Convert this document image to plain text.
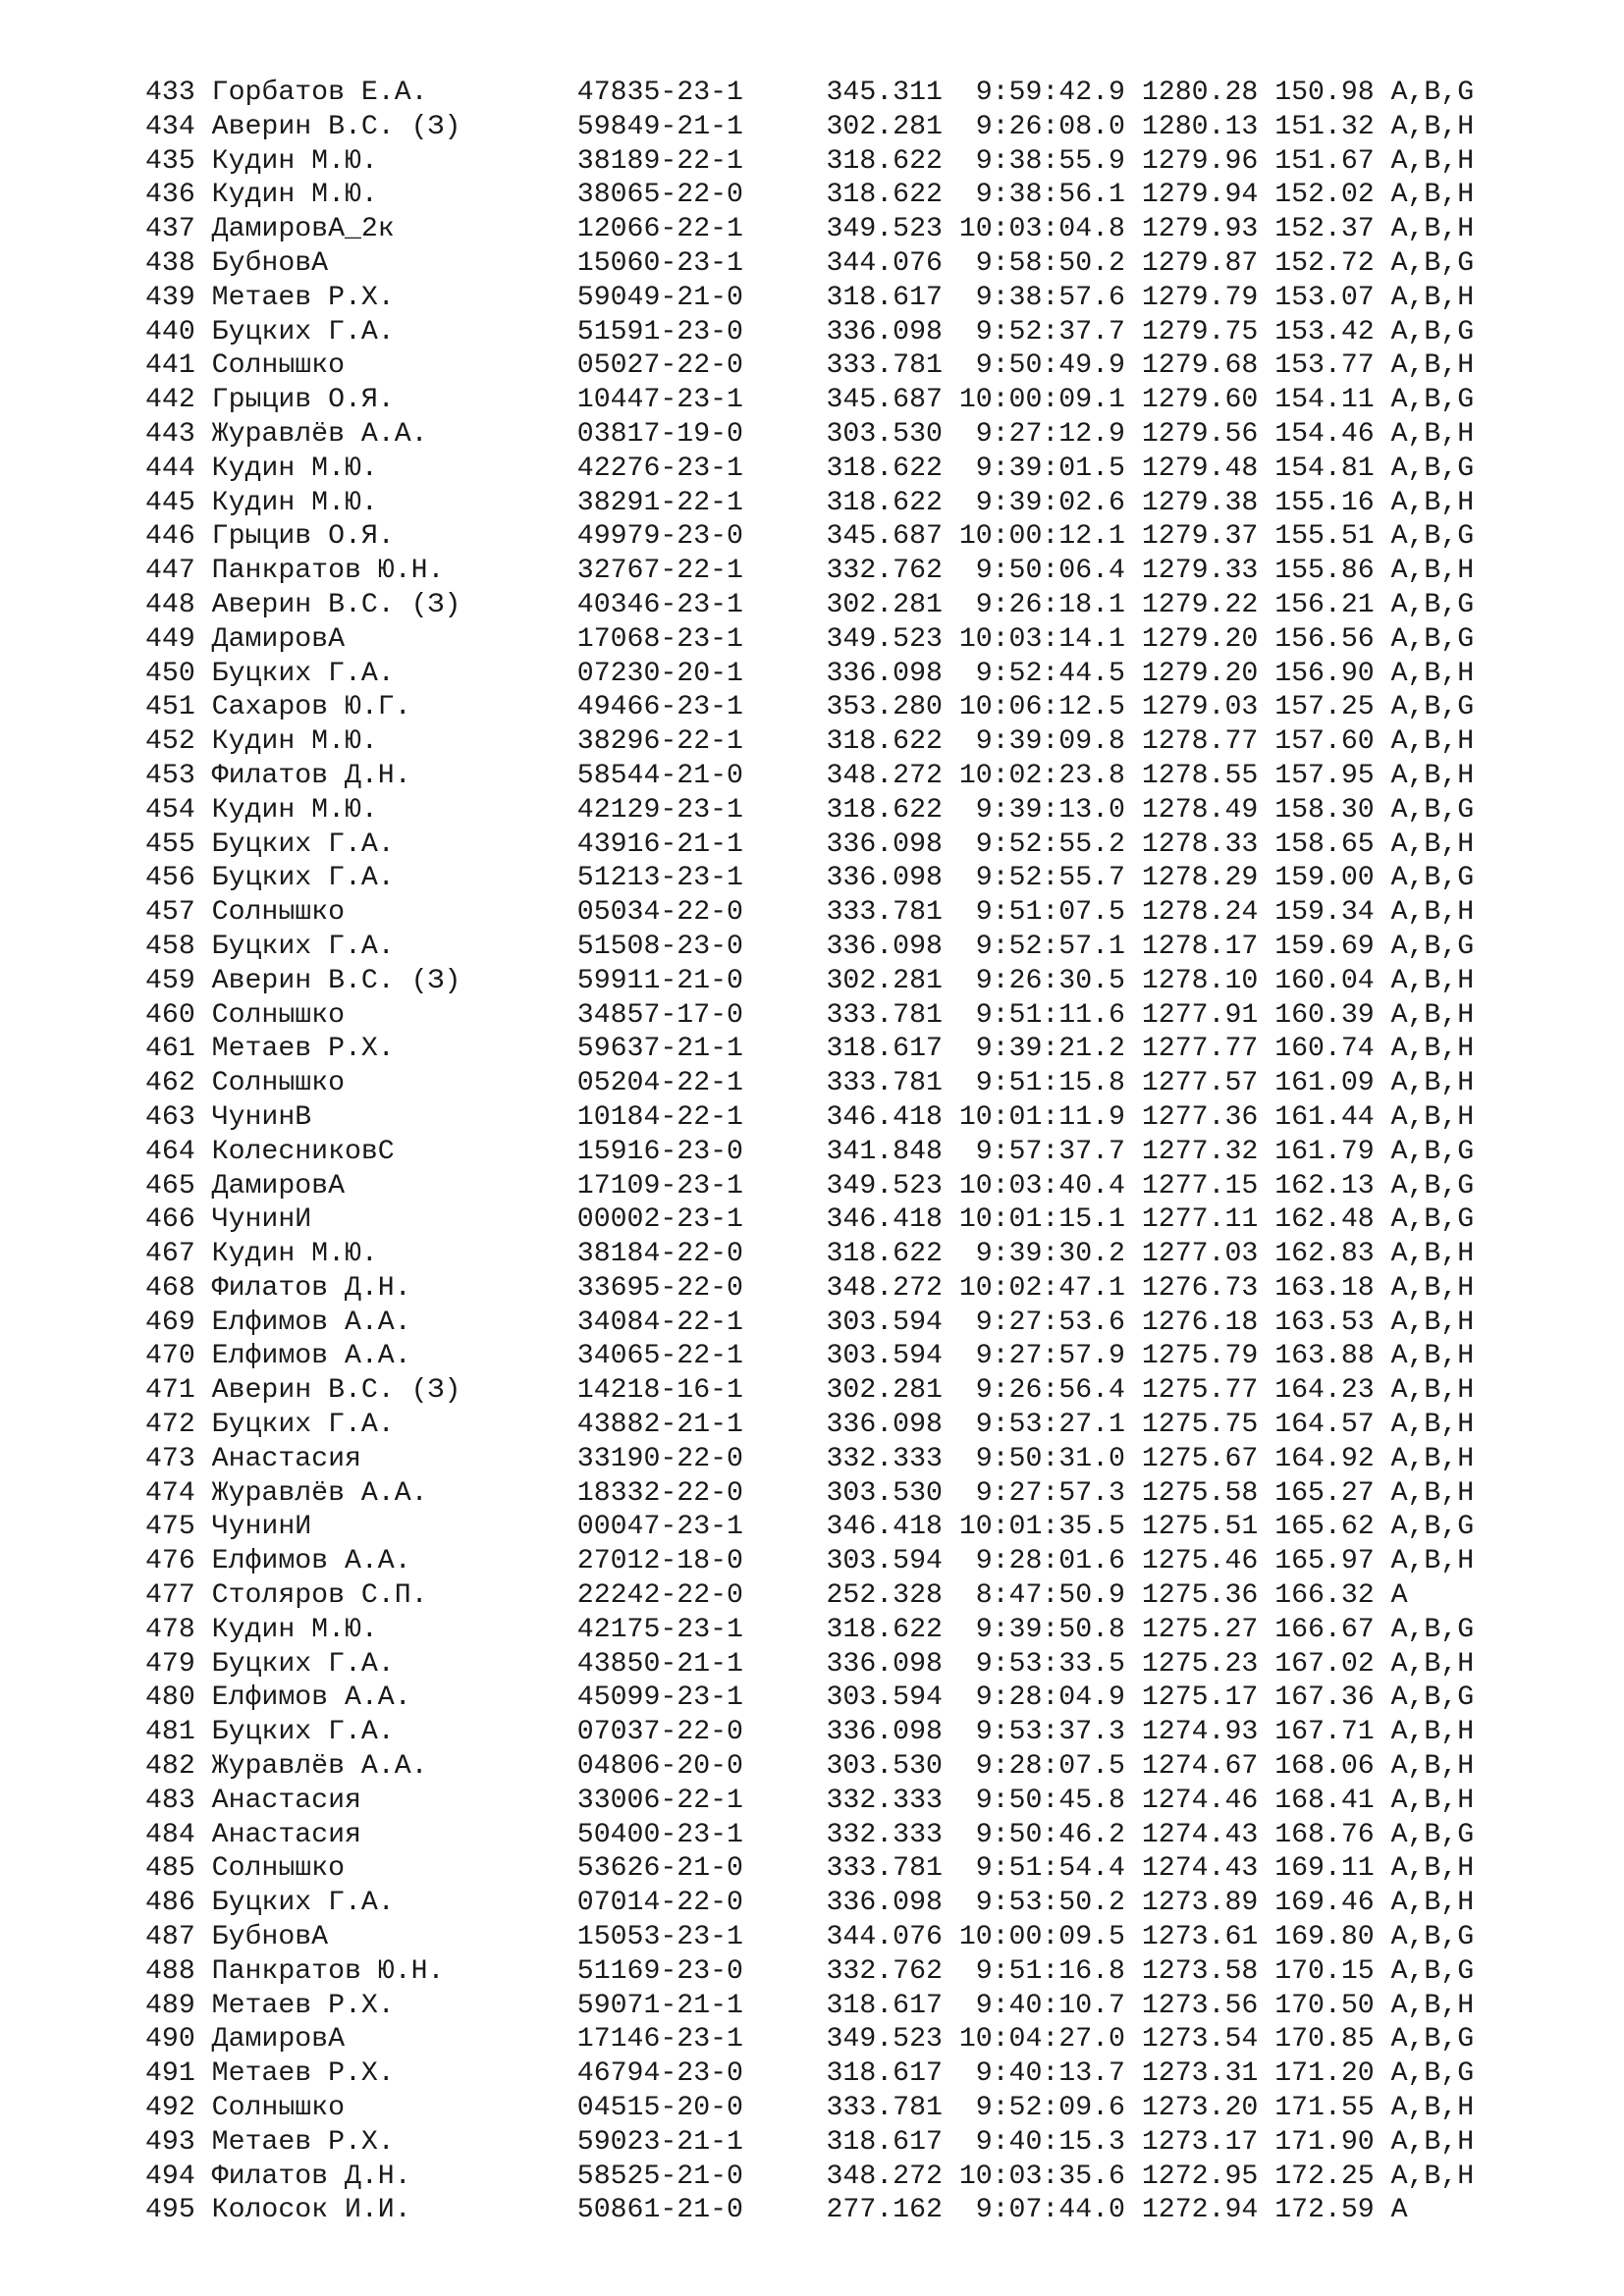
433 Горбатов Е.А.	47835-23-1	345.311 9:59:42.9 1280.28 150.98 A,B,G
434 Аверин В.С. (З)	59849-21-1	302.281 9:26:08.0 1280.13 151.32 A,B,H
435 Кудин М.Ю.	38189-22-1	318.622 9:38:55.9 1279.96 151.67 A,B,H
436 Кудин М.Ю.	38065-22-0	318.622 9:38:56.1 1279.94 152.02 A,B,H
437 ДамировА_2к	12066-22-1	349.523 10:03:04.8 1279.93 152.37 A,B,H
438 БубновА	15060-23-1	344.076 9:58:50.2 1279.87 152.72 A,B,G
439 Метаев Р.Х.	59049-21-0	318.617 9:38:57.6 1279.79 153.07 A,B,H
440 Буцких Г.А.	51591-23-0	336.098 9:52:37.7 1279.75 153.42 A,B,G
441 Солнышко	05027-22-0	333.781 9:50:49.9 1279.68 153.77 A,B,H
442 Грыцив О.Я.	10447-23-1	345.687 10:00:09.1 1279.60 154.11 A,B,G
443 Журавлёв А.А.	03817-19-0	303.530 9:27:12.9 1279.56 154.46 A,B,H
444 Кудин М.Ю.	42276-23-1	318.622 9:39:01.5 1279.48 154.81 A,B,G
445 Кудин М.Ю.	38291-22-1	318.622 9:39:02.6 1279.38 155.16 A,B,H
446 Грыцив О.Я.	49979-23-0	345.687 10:00:12.1 1279.37 155.51 A,B,G
447 Панкратов Ю.Н.	32767-22-1	332.762 9:50:06.4 1279.33 155.86 A,B,H
448 Аверин В.С. (З)	40346-23-1	302.281 9:26:18.1 1279.22 156.21 A,B,G
449 ДамировА	17068-23-1	349.523 10:03:14.1 1279.20 156.56 A,B,G
450 Буцких Г.А.	07230-20-1	336.098 9:52:44.5 1279.20 156.90 A,B,H
451 Сахаров Ю.Г.	49466-23-1	353.280 10:06:12.5 1279.03 157.25 A,B,G
452 Кудин М.Ю.	38296-22-1	318.622 9:39:09.8 1278.77 157.60 A,B,H
453 Филатов Д.Н.	58544-21-0	348.272 10:02:23.8 1278.55 157.95 A,B,H
454 Кудин М.Ю.	42129-23-1	318.622 9:39:13.0 1278.49 158.30 A,B,G
455 Буцких Г.А.	43916-21-1	336.098 9:52:55.2 1278.33 158.65 A,B,H
456 Буцких Г.А.	51213-23-1	336.098 9:52:55.7 1278.29 159.00 A,B,G
457 Солнышко	05034-22-0	333.781 9:51:07.5 1278.24 159.34 A,B,H
458 Буцких Г.А.	51508-23-0	336.098 9:52:57.1 1278.17 159.69 A,B,G
459 Аверин В.С. (З)	59911-21-0	302.281 9:26:30.5 1278.10 160.04 A,B,H
460 Солнышко	34857-17-0	333.781 9:51:11.6 1277.91 160.39 A,B,H
461 Метаев Р.Х.	59637-21-1	318.617 9:39:21.2 1277.77 160.74 A,B,H
462 Солнышко	05204-22-1	333.781 9:51:15.8 1277.57 161.09 A,B,H
463 ЧунинВ	10184-22-1	346.418 10:01:11.9 1277.36 161.44 A,B,H
464 КолесниковС	15916-23-0	341.848 9:57:37.7 1277.32 161.79 A,B,G
465 ДамировА	17109-23-1	349.523 10:03:40.4 1277.15 162.13 A,B,G
466 ЧунинИ	00002-23-1	346.418 10:01:15.1 1277.11 162.48 A,B,G
467 Кудин М.Ю.	38184-22-0	318.622 9:39:30.2 1277.03 162.83 A,B,H
468 Филатов Д.Н.	33695-22-0	348.272 10:02:47.1 1276.73 163.18 A,B,H
469 Елфимов А.А.	34084-22-1	303.594 9:27:53.6 1276.18 163.53 A,B,H
470 Елфимов А.А.	34065-22-1	303.594 9:27:57.9 1275.79 163.88 A,B,H
471 Аверин В.С. (З)	14218-16-1	302.281 9:26:56.4 1275.77 164.23 A,B,H
472 Буцких Г.А.	43882-21-1	336.098 9:53:27.1 1275.75 164.57 A,B,H
473 Анастасия	33190-22-0	332.333 9:50:31.0 1275.67 164.92 A,B,H
474 Журавлёв А.А.	18332-22-0	303.530 9:27:57.3 1275.58 165.27 A,B,H
475 ЧунинИ	00047-23-1	346.418 10:01:35.5 1275.51 165.62 A,B,G
476 Елфимов А.А.	27012-18-0	303.594 9:28:01.6 1275.46 165.97 A,B,H
477 Столяров С.П.	22242-22-0	252.328 8:47:50.9 1275.36 166.32 A
478 Кудин М.Ю.	42175-23-1	318.622 9:39:50.8 1275.27 166.67 A,B,G
479 Буцких Г.А.	43850-21-1	336.098 9:53:33.5 1275.23 167.02 A,B,H
480 Елфимов А.А.	45099-23-1	303.594 9:28:04.9 1275.17 167.36 A,B,G
481 Буцких Г.А.	07037-22-0	336.098 9:53:37.3 1274.93 167.71 A,B,H
482 Журавлёв А.А.	04806-20-0	303.530 9:28:07.5 1274.67 168.06 A,B,H
483 Анастасия	33006-22-1	332.333 9:50:45.8 1274.46 168.41 A,B,H
484 Анастасия	50400-23-1	332.333 9:50:46.2 1274.43 168.76 A,B,G
485 Солнышко	53626-21-0	333.781 9:51:54.4 1274.43 169.11 A,B,H
486 Буцких Г.А.	07014-22-0	336.098 9:53:50.2 1273.89 169.46 A,B,H
487 БубновА	15053-23-1	344.076 10:00:09.5 1273.61 169.80 A,B,G
488 Панкратов Ю.Н.	51169-23-0	332.762 9:51:16.8 1273.58 170.15 A,B,G
489 Метаев Р.Х.	59071-21-1	318.617 9:40:10.7 1273.56 170.50 A,B,H
490 ДамировА	17146-23-1	349.523 10:04:27.0 1273.54 170.85 A,B,G
491 Метаев Р.Х.	46794-23-0	318.617 9:40:13.7 1273.31 171.20 A,B,G
492 Солнышко	04515-20-0	333.781 9:52:09.6 1273.20 171.55 A,B,H
493 Метаев Р.Х.	59023-21-1	318.617 9:40:15.3 1273.17 171.90 A,B,H
494 Филатов Д.Н.	58525-21-0	348.272 10:03:35.6 1272.95 172.25 A,B,H
495 Колосок И.И.	50861-21-0	277.162 9:07:44.0 1272.94 172.59 A
